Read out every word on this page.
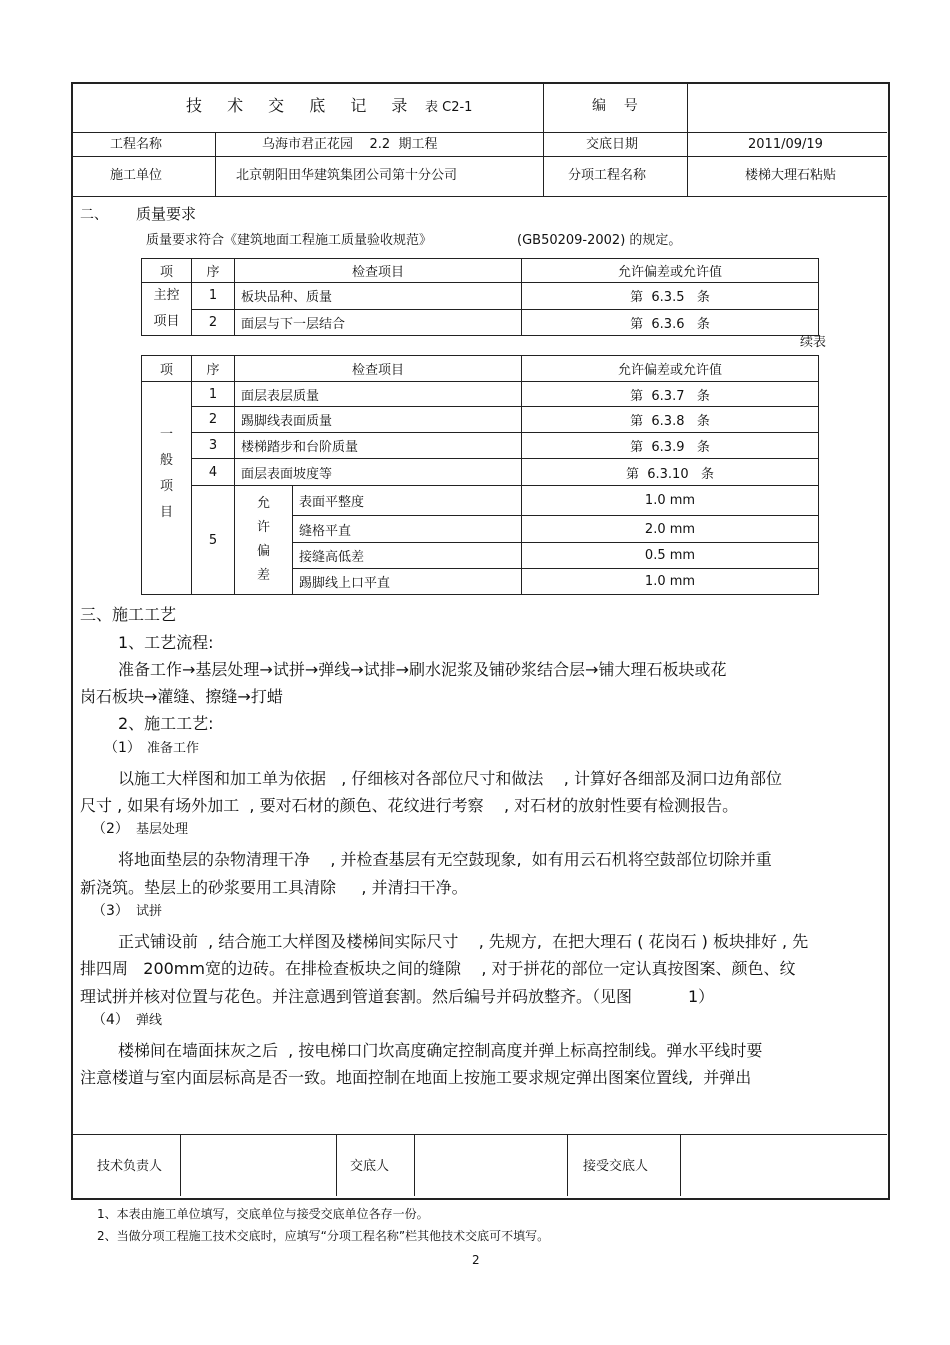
技 术 交 底 记 录 表 C2-1	编    号
工程名称	乌海市君正花园    2.2  期工程	交底日期	2011/09/19
施工单位	北京朝阳田华建筑集团公司第十分公司	分项工程名称	楼梯大理石粘贴
二、 质量要求
质量要求符合《建筑地面工程施工质量验收规范》	(GB50209-2002) 的规定。
项	序	检查项目	允许偏差或允许值
主控
项目	1	板块品种、质量	第  6.3.5   条
	2	面层与下一层结合	第  6.3.6   条
续表
项	序	检查项目		允许偏差或允许值
一
般
项
目	1	面层表层质量		第  6.3.7   条
	2	踢脚线表面质量		第  6.3.8   条
	3	楼梯踏步和台阶质量		第  6.3.9   条
	4	面层表面坡度等		第  6.3.10   条
	5	允
许
偏
差	表面平整度	1.0 mm
			缝格平直	2.0 mm
			接缝高低差	0.5 mm
			踢脚线上口平直	1.0 mm
三、施工工艺
1、工艺流程:
准备工作→基层处理→试拼→弹线→试排→刷水泥浆及铺砂浆结合层→铺大理石板块或花
岗石板块→灌缝、擦缝→打蜡
2、施工工艺:
（1） 准备工作
以施工大样图和加工单为依据   , 仔细核对各部位尺寸和做法    , 计算好各细部及洞口边角部位
尺寸 , 如果有场外加工  , 要对石材的颜色、花纹进行考察    , 对石材的放射性要有检测报告。
（2） 基层处理
将地面垫层的杂物清理干净    , 并检查基层有无空鼓现象,  如有用云石机将空鼓部位切除并重
新浇筑。垫层上的砂浆要用工具清除     , 并清扫干净。
（3） 试拼
正式铺设前  , 结合施工大样图及楼梯间实际尺寸    , 先规方,  在把大理石 ( 花岗石 ) 板块排好 , 先
排四周   200mm宽的边砖。在排检查板块之间的缝隙    , 对于拼花的部位一定认真按图案、颜色、纹
理试拼并核对位置与花色。并注意遇到管道套割。然后编号并码放整齐。（见图           1）
（4） 弹线
楼梯间在墙面抹灰之后  , 按电梯口门坎高度确定控制高度并弹上标高控制线。弹水平线时要
注意楼道与室内面层标高是否一致。地面控制在地面上按施工要求规定弹出图案位置线,  并弹出
技术负责人	交底人	接受交底人
1、本表由施工单位填写，交底单位与接受交底单位各存一份。
2、当做分项工程施工技术交底时，应填写“分项工程名称”栏其他技术交底可不填写。
2
